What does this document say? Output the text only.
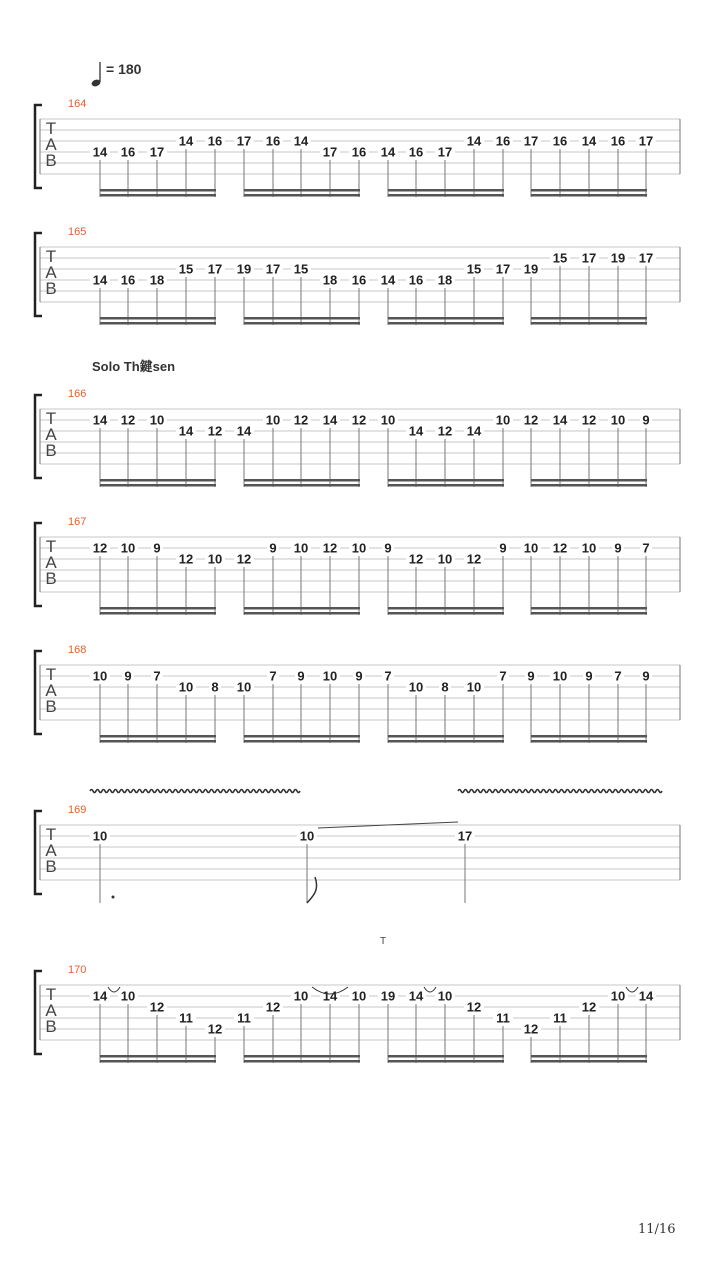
T
A
B
164
14 16 17
14 16 17 16 14
17 16 14 16 17
14 16 17 16 14 16 17
T
A
B
165
14 16 18
15 17 19 17 15
18 16 14 16 18
15 17 19
15 17 19 17
T
A
B
166
14 12 10
14 12 14
10 12 14 12 10
14 12 14
10 12 14 12 10 9
T
A
B
167
12 10 9
12 10 12
9 10 12 10 9
12 10 12
9 10 12 10 9 7
T
A
B
168
10 9 7
10 8 10
7 9 10 9 7
10 8 10
7 9 10 9 7 9
T
A
B
169
10	10	17
T
A
B
170
14 10
12
11
12
11
12
10 14 10 19 14 10
12
11
12
11
12
10 14
= 180
Solo Th鍵sen
T
11/16
